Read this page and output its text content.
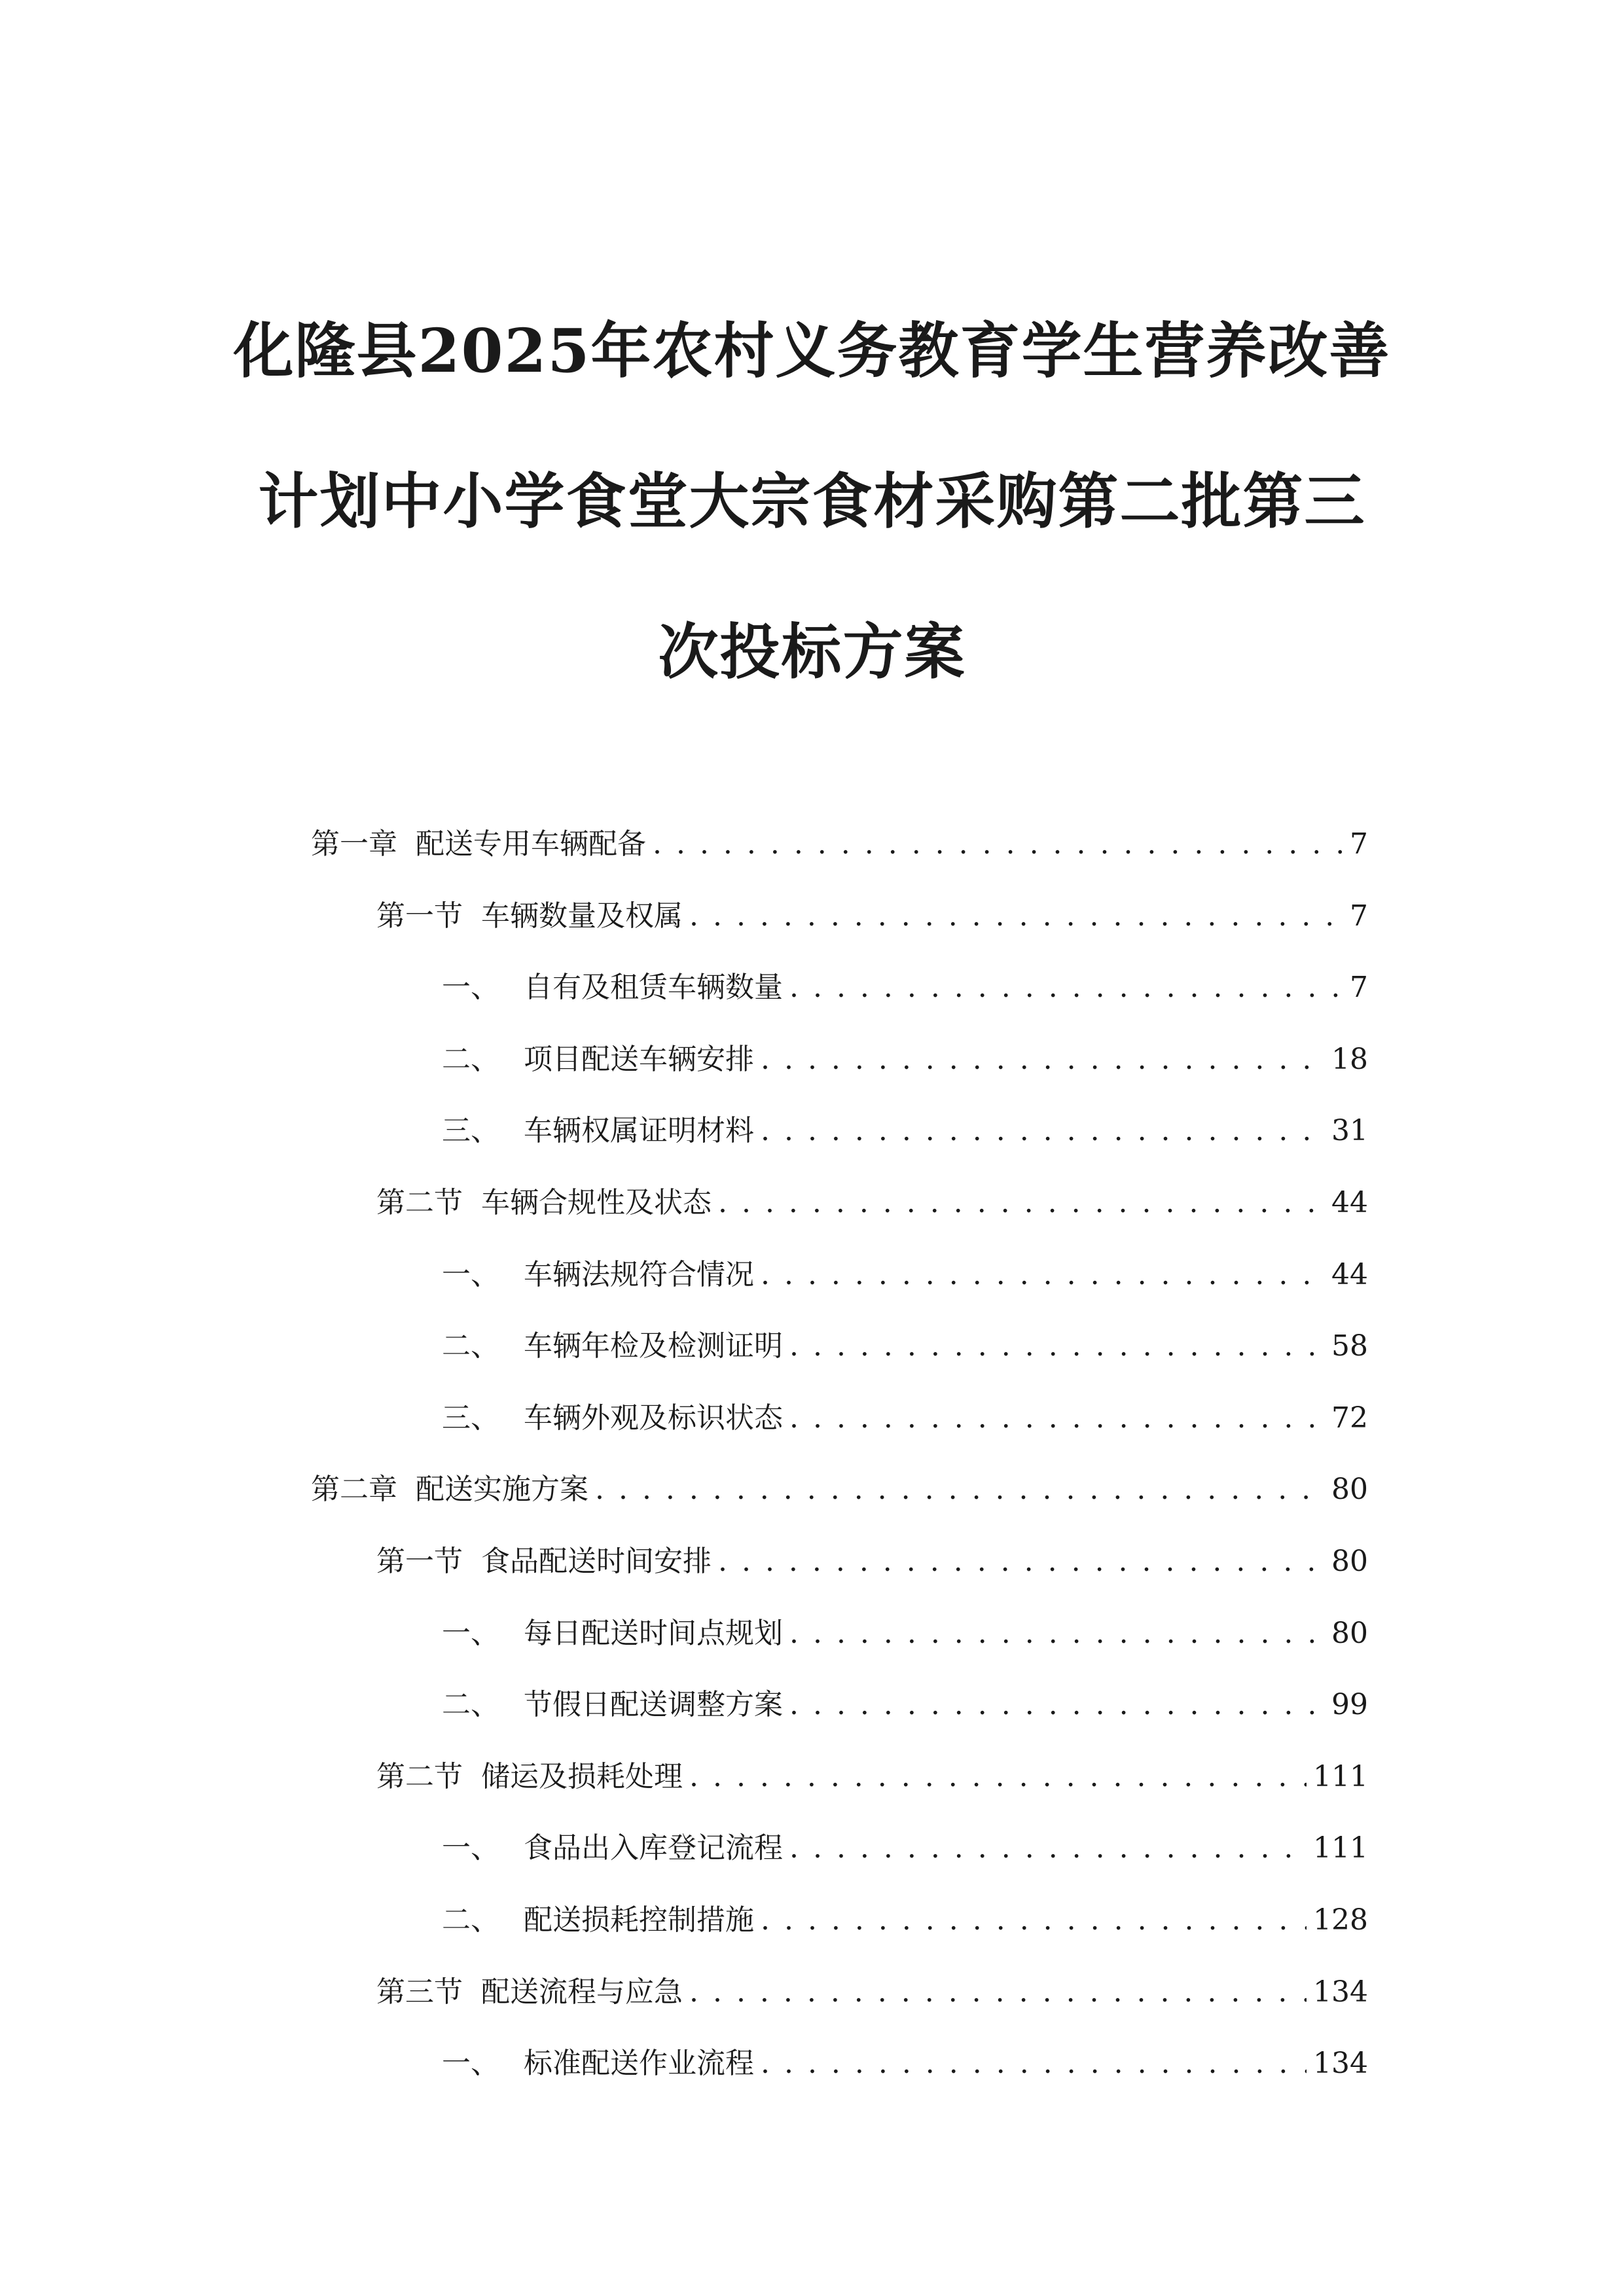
化隆县2025年农村义务教育学生营养改善
计划中小学食堂大宗食材采购第二批第三
次投标方案
第一章 配送专用车辆配备 . . .	7
第一节 车辆数量及权属 . . .	7
一、 自有及租赁车辆数量 . . .	7
二、 项目配送车辆安排 . . .	18
三、 车辆权属证明材料 . . .	31
第二节 车辆合规性及状态 . . .	44
一、 车辆法规符合情况 . . .	44
二、 车辆年检及检测证明 . . .	58
三、 车辆外观及标识状态 . . .	72
第二章 配送实施方案 . . .	80
第一节 食品配送时间安排 . . .	80
一、 每日配送时间点规划 . . .	80
二、 节假日配送调整方案 . . .	99
第二节 储运及损耗处理 . . .	111
一、 食品出入库登记流程 . . .	111
二、 配送损耗控制措施 . . .	128
第三节 配送流程与应急 . . .	134
一、 标准配送作业流程 . . .	134
